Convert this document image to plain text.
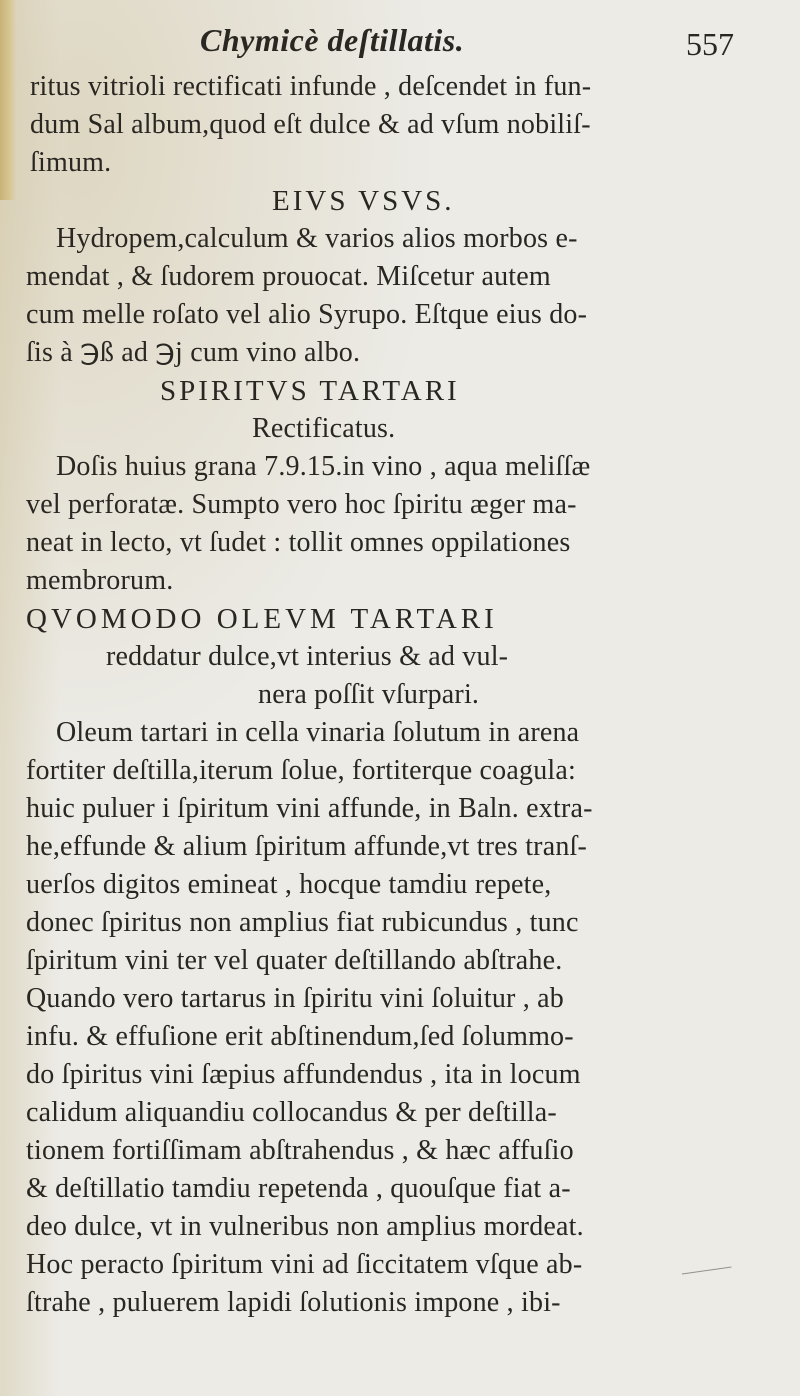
Chymicè deſtillatis.	557
ritus vitrioli rectificati infunde , deſcendet in fun-
dum Sal album,quod eſt dulce & ad vſum nobiliſ-
ſimum.
EIVS VSVS.
Hydropem,calculum & varios alios morbos e-
mendat , & ſudorem prouocat. Miſcetur autem
cum melle roſato vel alio Syrupo. Eſtque eius do-
ſis à ℈ß ad ℈j cum vino albo.
SPIRITVS TARTARI
Rectificatus.
Doſis huius grana 7.9.15.in vino , aqua meliſſæ
vel perforatæ. Sumpto vero hoc ſpiritu æger ma-
neat in lecto, vt ſudet : tollit omnes oppilationes
membrorum.
QVOMODO OLEVM TARTARI
reddatur dulce,vt interius & ad vul-
nera poſſit vſurpari.
Oleum tartari in cella vinaria ſolutum in arena
fortiter deſtilla,iterum ſolue, fortiterque coagula:
huic puluer i ſpiritum vini affunde, in Baln. extra-
he,effunde & alium ſpiritum affunde,vt tres tranſ-
uerſos digitos emineat , hocque tamdiu repete,
donec ſpiritus non amplius fiat rubicundus , tunc
ſpiritum vini ter vel quater deſtillando abſtrahe.
Quando vero tartarus in ſpiritu vini ſoluitur , ab
infu. & effuſione erit abſtinendum,ſed ſolummo-
do ſpiritus vini ſæpius affundendus , ita in locum
calidum aliquandiu collocandus & per deſtilla-
tionem fortiſſimam abſtrahendus , & hæc affuſio
& deſtillatio tamdiu repetenda , quouſque fiat a-
deo dulce, vt in vulneribus non amplius mordeat.
Hoc peracto ſpiritum vini ad ſiccitatem vſque ab-
ſtrahe , puluerem lapidi ſolutionis impone , ibi-
